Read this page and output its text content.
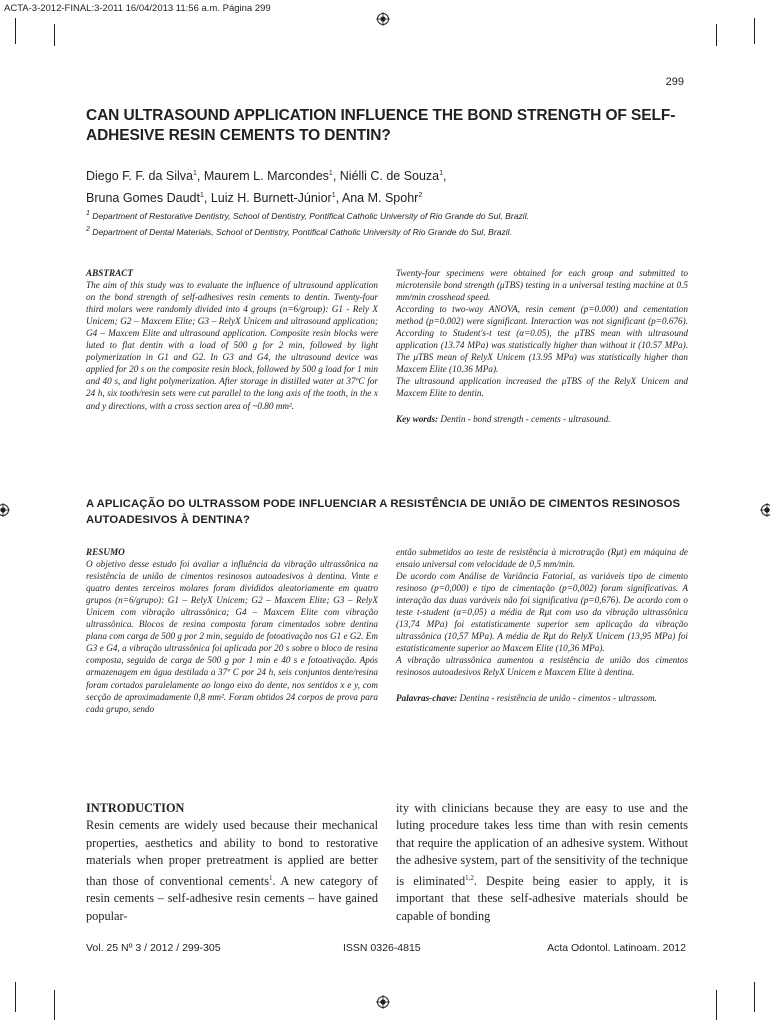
ACTA-3-2012-FINAL:3-2011 16/04/2013 11:56 a.m. Página 299
299
CAN ULTRASOUND APPLICATION INFLUENCE THE BOND STRENGTH OF SELF-ADHESIVE RESIN CEMENTS TO DENTIN?
Diego F. F. da Silva$^1$, Maurem L. Marcondes$^1$, Niélli C. de Souza$^1$,
Bruna Gomes Daudt$^1$, Luiz H. Burnett-Júnior$^1$, Ana M. Spohr$^2$
$^1$ Department of Restorative Dentistry, School of Dentistry, Pontifical Catholic University of Rio Grande do Sul, Brazil.
$^2$ Department of Dental Materials, School of Dentistry, Pontifical Catholic University of Rio Grande do Sul, Brazil.

ABSTRACT

The aim of this study was to evaluate the influence of ultrasound application on the bond strength of self-adhesives resin cements to dentin. Twenty-four third molars were randomly divided into 4 groups (n=6/group): G1 - Rely X Unicem; G2 – Maxcem Elite; G3 – RelyX Unicem and ultrasound application; G4 – Maxcem Elite and ultrasound application. Composite resin blocks were luted to flat dentin with a load of 500 g for 2 min, followed by light polymerization in G1 and G2. In G3 and G4, the ultrasound device was applied for 20 s on the composite resin block, followed by 500 g load for 1 min and 40 s, and light polymerization. After storage in distilled water at 37ºC for 24 h, six tooth/resin sets were cut parallel to the long axis of the tooth, in the x and y directions, with a cross section area of ~0.80 mm².

Twenty-four specimens were obtained for each group and submitted to microtensile bond strength (μTBS) testing in a universal testing machine at 0.5 mm/min crosshead speed.

According to two-way ANOVA, resin cement (p=0.000) and cementation method (p=0.002) were significant. Interaction was not significant (p=0.676). According to Student's-t test (α=0.05), the μTBS mean with ultrasound application (13.74 MPa) was statistically higher than without it (10.57 MPa). The μTBS mean of RelyX Unicem (13.95 MPa) was statistically higher than Maxcem Elite (10.36 MPa).

The ultrasound application increased the μTBS of the RelyX Unicem and Maxcem Elite to dentin.

Key words: Dentin - bond strength - cements - ultrasound.

A APLICAÇÃO DO ULTRASSOM PODE INFLUENCIAR A RESISTÊNCIA DE UNIÃO DE CIMENTOS RESINOSOS AUTOADESIVOS À DENTINA?

RESUMO

O objetivo desse estudo foi avaliar a influência da vibração ultrassônica na resistência de união de cimentos resinosos autoadesivos à dentina. Vinte e quatro dentes terceiros molares foram divididos aleatoriamente em quatro grupos (n=6/grupo): G1 – RelyX Unicem; G2 – Maxcem Elite; G3 – RelyX Unicem com vibração ultrassônica; G4 – Maxcem Elite com vibração ultrassônica. Blocos de resina composta foram cimentados sobre dentina plana com carga de 500 g por 2 min, seguido de fotoativação nos G1 e G2. Em G3 e G4, a vibração ultrassônica foi aplicada por 20 s sobre o bloco de resina composta, seguido de carga de 500 g por 1 min e 40 s e fotoativação. Após armazenagem em água destilada a 37º C por 24 h, seis conjuntos dente/resina foram cortados paralelamente ao longo eixo do dente, nos sentidos x e y, com secção de aproximadamente 0,8 mm². Foram obtidos 24 corpos de prova para cada grupo, sendo

então submetidos ao teste de resistência à microtração (Rμt) em máquina de ensaio universal com velocidade de 0,5 mm/min.

De acordo com Análise de Variância Fatorial, as variáveis tipo de cimento resinoso (p=0,000) e tipo de cimentação (p=0,002) foram significativas. A interação das duas varáveis não foi significativa (p=0,676). De acordo com o teste t-student (α=0,05) a média de Rμt com uso da vibração ultrassônica (13,74 MPa) foi estatisticamente superior sem aplicação da vibração ultrassônica (10,57 MPa). A média de Rμt do RelyX Unicem (13,95 MPa) foi estatisticamente superior ao Maxcem Elite (10,36 MPa).

A vibração ultrassônica aumentou a resistência de união dos cimentos resinosos autoadesivos RelyX Unicem e Maxcem Elite à dentina.

Palavras-chave: Dentina - resistência de união - cimentos - ultrassom.

INTRODUCTION

Resin cements are widely used because their mechanical properties, aesthetics and ability to bond to restorative materials when proper pretreatment is applied are better than those of conventional cements$^1$. A new category of resin cements – self-adhesive resin cements – have gained popular-

ity with clinicians because they are easy to use and the luting procedure takes less time than with resin cements that require the application of an adhesive system. Without the adhesive system, part of the sensitivity of the technique is eliminated$^{1,2}$. Despite being easier to apply, it is important that these self-adhesive materials should be capable of bonding

Vol. 25 Nº 3 / 2012 / 299-305	ISSN 0326-4815	Acta Odontol. Latinoam. 2012
